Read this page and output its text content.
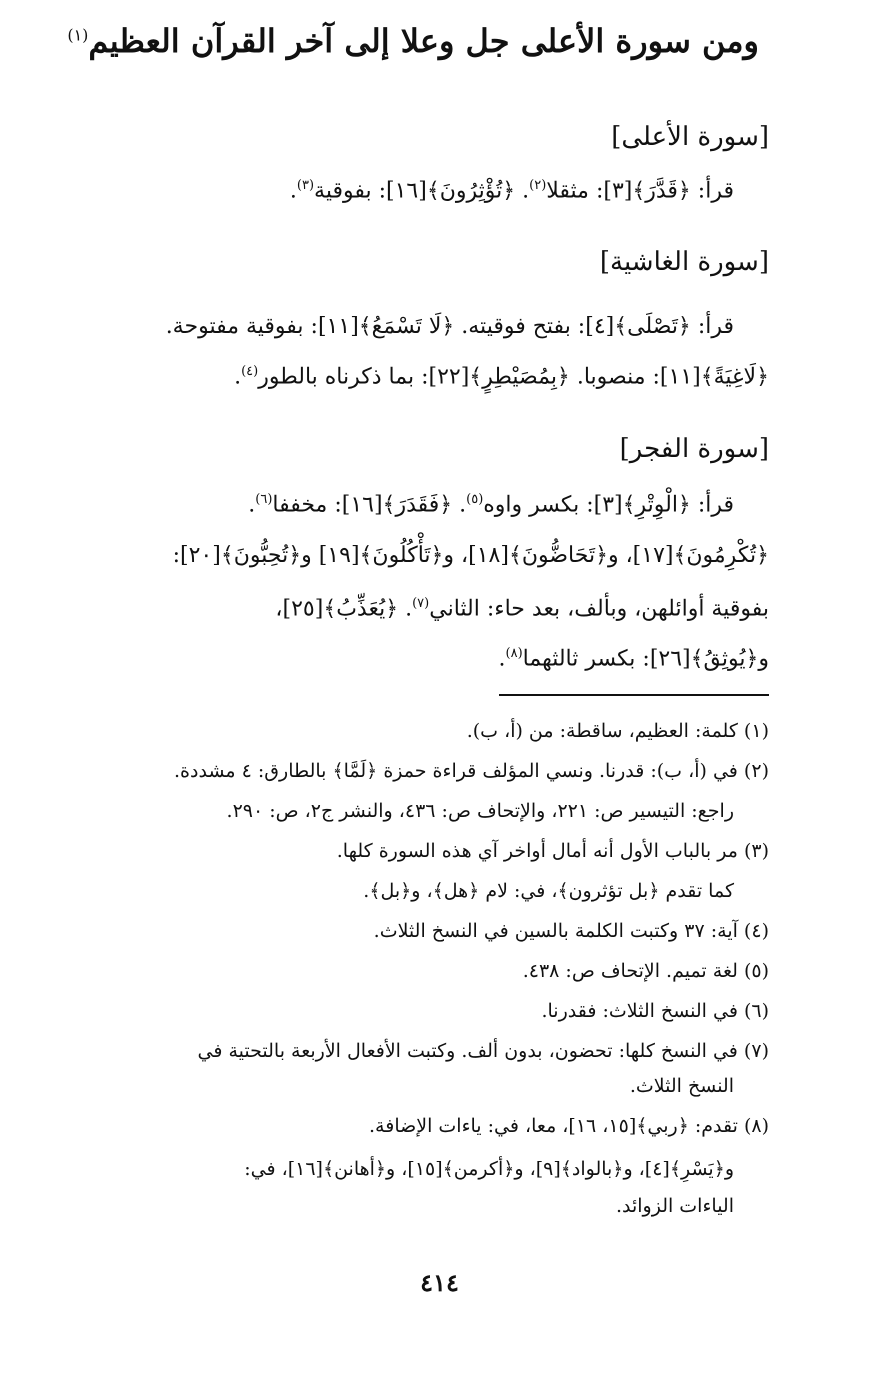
ومن سورة الأعلى جل وعلا إلى آخر القرآن العظيم$^{(١)}$
[سورة الأعلى]
قرأ: ﴿قَدَّرَ﴾[٣]: مثقلا$^{(٢)}$. ﴿تُؤْثِرُونَ﴾[١٦]: بفوقية$^{(٣)}$.
[سورة الغاشية]
قرأ: ﴿تَصْلَى﴾[٤]: بفتح فوقيته. ﴿لَا تَسْمَعُ﴾[١١]: بفوقية مفتوحة.
﴿لَاغِيَةً﴾[١١]: منصوبا. ﴿بِمُصَيْطِرٍ﴾[٢٢]: بما ذكرناه بالطور$^{(٤)}$.
[سورة الفجر]
قرأ: ﴿الْوِتْرِ﴾[٣]: بكسر واوه$^{(٥)}$. ﴿فَقَدَرَ﴾[١٦]: مخففا$^{(٦)}$.
﴿تُكْرِمُونَ﴾[١٧]، و﴿تَحَاضُّونَ﴾[١٨]، و﴿تَأْكُلُونَ﴾[١٩] و﴿تُحِبُّونَ﴾[٢٠]:
بفوقية أوائلهن، وبألف، بعد حاء: الثاني$^{(٧)}$. ﴿يُعَذِّبُ﴾[٢٥]،
و﴿يُوثِقُ﴾[٢٦]: بكسر ثالثهما$^{(٨)}$.
(١) كلمة: العظيم، ساقطة: من (أ، ب).
(٢) في (أ، ب): قدرنا. ونسي المؤلف قراءة حمزة ﴿لَمَّا﴾ بالطارق: ٤ مشددة.
راجع: التيسير ص: ٢٢١، والإتحاف ص: ٤٣٦، والنشر ج٢، ص: ٢٩٠.
(٣) مر بالباب الأول أنه أمال أواخر آي هذه السورة كلها.
كما تقدم ﴿بل تؤثرون﴾، في: لام ﴿هل﴾، و﴿بل﴾.
(٤) آية: ٣٧ وكتبت الكلمة بالسين في النسخ الثلاث.
(٥) لغة تميم. الإتحاف ص: ٤٣٨.
(٦) في النسخ الثلاث: فقدرنا.
(٧) في النسخ كلها: تحضون، بدون ألف. وكتبت الأفعال الأربعة بالتحتية في
النسخ الثلاث.
(٨) تقدم: ﴿ربي﴾[١٥، ١٦]، معا، في: ياءات الإضافة.
و﴿يَسْرِ﴾[٤]، و﴿بالواد﴾[٩]، و﴿أكرمن﴾[١٥]، و﴿أهانن﴾[١٦]، في:
الياءات الزوائد.
٤١٤
